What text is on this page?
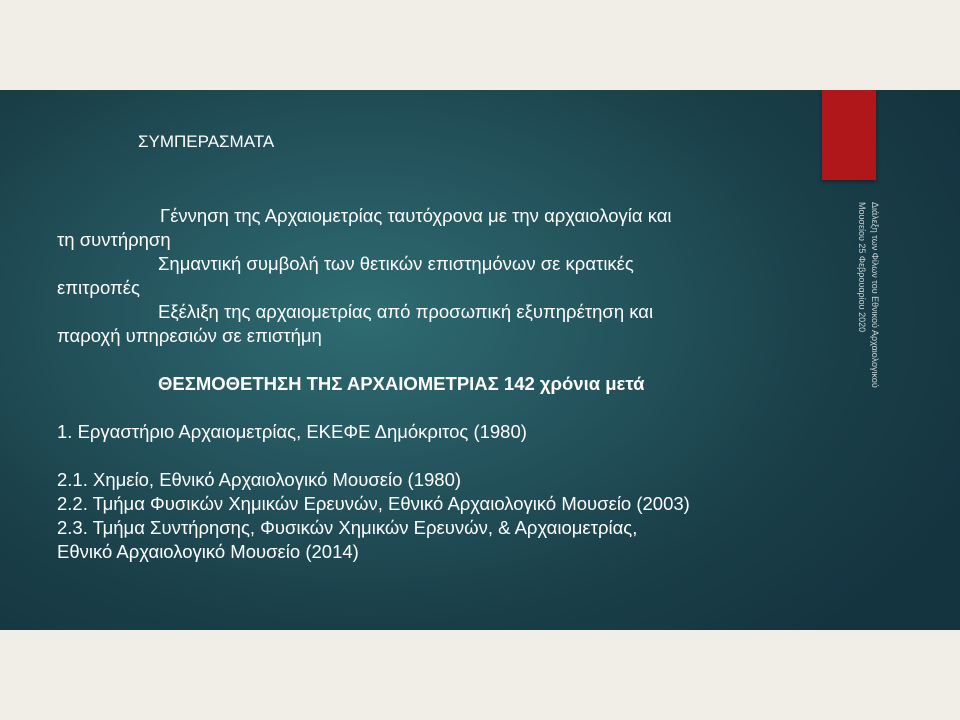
Διάλεξη των Φίλων του Εθνικού Αρχαιολογικού
Μουσείου 25 Φεβρουαρίου 2020
ΣΥΜΠΕΡΑΣΜΑΤΑ
Γέννηση της Αρχαιομετρίας ταυτόχρονα με την αρχαιολογία και
τη συντήρηση
Σημαντική συμβολή των θετικών επιστημόνων σε κρατικές
επιτροπές
Εξέλιξη της αρχαιομετρίας από προσωπική εξυπηρέτηση και
παροχή υπηρεσιών σε επιστήμη
ΘΕΣΜΟΘΕΤΗΣΗ ΤΗΣ ΑΡΧΑΙΟΜΕΤΡΙΑΣ 142 χρόνια μετά
1. Εργαστήριο Αρχαιομετρίας, ΕΚΕΦΕ Δημόκριτος (1980)
2.1. Χημείο, Εθνικό Αρχαιολογικό Μουσείο (1980)
2.2. Τμήμα Φυσικών Χημικών Ερευνών, Εθνικό Αρχαιολογικό Μουσείο (2003)
2.3. Τμήμα Συντήρησης, Φυσικών Χημικών Ερευνών, & Αρχαιομετρίας,
Εθνικό Αρχαιολογικό Μουσείο (2014)
